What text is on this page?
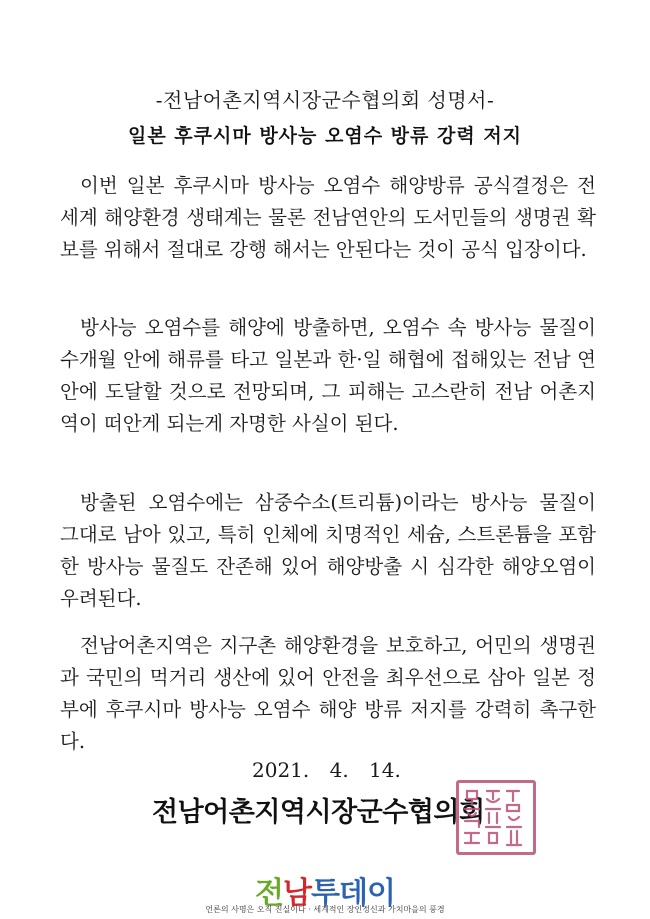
-전남어촌지역시장군수협의회 성명서-
일본 후쿠시마 방사능 오염수 방류 강력 저지

이번 일본 후쿠시마 방사능 오염수 해양방류 공식결정은 전 세계 해양환경 생태계는 물론 전남연안의 도서민들의 생명권 확보를 위해서 절대로 강행 해서는 안된다는 것이 공식 입장이다.

방사능 오염수를 해양에 방출하면, 오염수 속 방사능 물질이 수개월 안에 해류를 타고 일본과 한·일 해협에 접해있는 전남 연안에 도달할 것으로 전망되며, 그 피해는 고스란히 전남 어촌지역이 떠안게 되는게 자명한 사실이 된다.

방출된 오염수에는 삼중수소(트리튬)이라는 방사능 물질이 그대로 남아 있고, 특히 인체에 치명적인 세슘, 스트론튬을 포함한 방사능 물질도 잔존해 있어 해양방출 시 심각한 해양오염이 우려된다.

전남어촌지역은 지구촌 해양환경을 보호하고, 어민의 생명권과 국민의 먹거리 생산에 있어 안전을 최우선으로 삼아 일본 정부에 후쿠시마 방사능 오염수 해양 방류 저지를 강력히 촉구한다.

2021. 4. 14.
전남어촌지역시장군수협의회
전남투데이
언론의 사명은 오직 진실이다 · 세계적인 장인정신과 가치마을의 풍경
